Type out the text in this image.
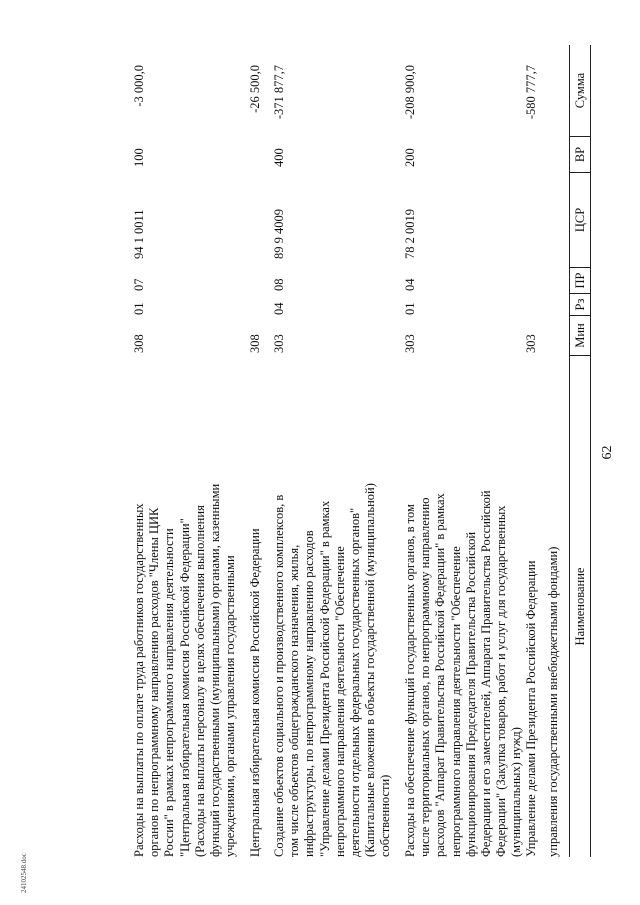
62
24102548.doc
управления государственными внебюджетными фондами)
Управление делами Президента Российской Федерации
303
-580 777,7
Расходы на обеспечение функций государственных органов, в том числе территориальных органов, по непрограммному направлению расходов "Аппарат Правительства Российской Федерации" в рамках непрограммного направления деятельности "Обеспечение функционирования Председателя Правительства Российской Федерации и его заместителей, Аппарата Правительства Российской Федерации" (Закупка товаров, работ и услуг для государственных (муниципальных) нужд)
303
01
04
78 2 0019
200
-208 900,0
Создание объектов социального и производственного комплексов, в том числе объектов общегражданского назначения, жилья, инфраструктуры, по непрограммному направлению расходов "Управление делами Президента Российской Федерации" в рамках непрограммного направления деятельности "Обеспечение деятельности отдельных федеральных государственных органов" (Капитальные вложения в объекты государственной (муниципальной) собственности)
303
04
08
89 9 4009
400
-371 877,7
Центральная избирательная комиссия Российской Федерации
308
-26 500,0
Расходы на выплаты по оплате труда работников государственных органов по непрограммному направлению расходов "Члены ЦИК России" в рамках непрограммного направления деятельности "Центральная избирательная комиссия Российской Федерации" (Расходы на выплаты персоналу в целях обеспечения выполнения функций государственными (муниципальными) органами, казенными учреждениями, органами управления государственными
308
01
07
94 1 0011
100
-3 000,0
Наименование
Мин
Рз
ПР
ЦСР
ВР
Сумма
